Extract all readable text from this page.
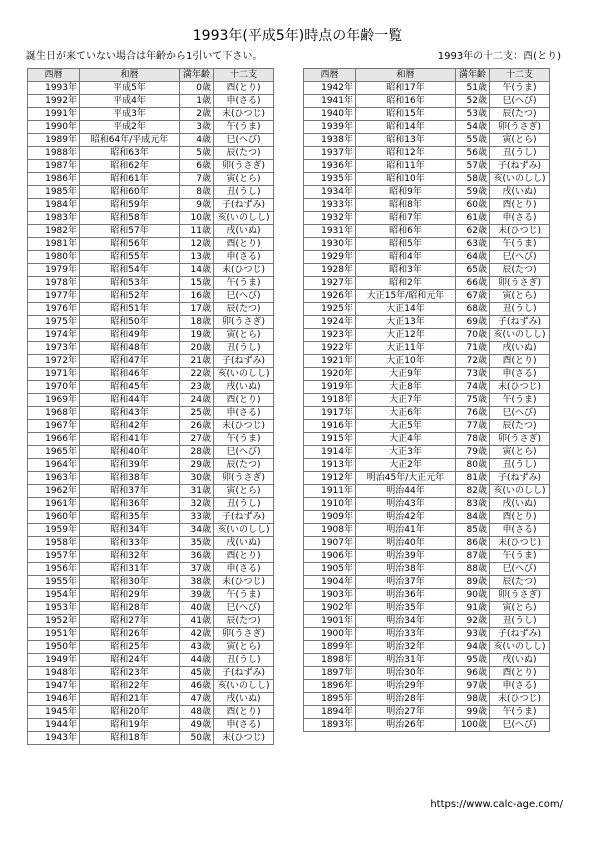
1993年(平成5年)時点の年齢一覧
誕生日が来ていない場合は年齢から1引いて下さい。	1993年の十二支：酉(とり)
西暦	和暦	満年齢	十二支
1993年	平成5年	0歳	酉(とり)
1992年	平成4年	1歳	申(さる)
1991年	平成3年	2歳	未(ひつじ)
1990年	平成2年	3歳	午(うま)
1989年	昭和64年/平成元年	4歳	巳(へび)
1988年	昭和63年	5歳	辰(たつ)
1987年	昭和62年	6歳	卯(うさぎ)
1986年	昭和61年	7歳	寅(とら)
1985年	昭和60年	8歳	丑(うし)
1984年	昭和59年	9歳	子(ねずみ)
1983年	昭和58年	10歳	亥(いのしし)
1982年	昭和57年	11歳	戌(いぬ)
1981年	昭和56年	12歳	酉(とり)
1980年	昭和55年	13歳	申(さる)
1979年	昭和54年	14歳	未(ひつじ)
1978年	昭和53年	15歳	午(うま)
1977年	昭和52年	16歳	巳(へび)
1976年	昭和51年	17歳	辰(たつ)
1975年	昭和50年	18歳	卯(うさぎ)
1974年	昭和49年	19歳	寅(とら)
1973年	昭和48年	20歳	丑(うし)
1972年	昭和47年	21歳	子(ねずみ)
1971年	昭和46年	22歳	亥(いのしし)
1970年	昭和45年	23歳	戌(いぬ)
1969年	昭和44年	24歳	酉(とり)
1968年	昭和43年	25歳	申(さる)
1967年	昭和42年	26歳	未(ひつじ)
1966年	昭和41年	27歳	午(うま)
1965年	昭和40年	28歳	巳(へび)
1964年	昭和39年	29歳	辰(たつ)
1963年	昭和38年	30歳	卯(うさぎ)
1962年	昭和37年	31歳	寅(とら)
1961年	昭和36年	32歳	丑(うし)
1960年	昭和35年	33歳	子(ねずみ)
1959年	昭和34年	34歳	亥(いのしし)
1958年	昭和33年	35歳	戌(いぬ)
1957年	昭和32年	36歳	酉(とり)
1956年	昭和31年	37歳	申(さる)
1955年	昭和30年	38歳	未(ひつじ)
1954年	昭和29年	39歳	午(うま)
1953年	昭和28年	40歳	巳(へび)
1952年	昭和27年	41歳	辰(たつ)
1951年	昭和26年	42歳	卯(うさぎ)
1950年	昭和25年	43歳	寅(とら)
1949年	昭和24年	44歳	丑(うし)
1948年	昭和23年	45歳	子(ねずみ)
1947年	昭和22年	46歳	亥(いのしし)
1946年	昭和21年	47歳	戌(いぬ)
1945年	昭和20年	48歳	酉(とり)
1944年	昭和19年	49歳	申(さる)
1943年	昭和18年	50歳	未(ひつじ)
西暦	和暦	満年齢	十二支
1942年	昭和17年	51歳	午(うま)
1941年	昭和16年	52歳	巳(へび)
1940年	昭和15年	53歳	辰(たつ)
1939年	昭和14年	54歳	卯(うさぎ)
1938年	昭和13年	55歳	寅(とら)
1937年	昭和12年	56歳	丑(うし)
1936年	昭和11年	57歳	子(ねずみ)
1935年	昭和10年	58歳	亥(いのしし)
1934年	昭和9年	59歳	戌(いぬ)
1933年	昭和8年	60歳	酉(とり)
1932年	昭和7年	61歳	申(さる)
1931年	昭和6年	62歳	未(ひつじ)
1930年	昭和5年	63歳	午(うま)
1929年	昭和4年	64歳	巳(へび)
1928年	昭和3年	65歳	辰(たつ)
1927年	昭和2年	66歳	卯(うさぎ)
1926年	大正15年/昭和元年	67歳	寅(とら)
1925年	大正14年	68歳	丑(うし)
1924年	大正13年	69歳	子(ねずみ)
1923年	大正12年	70歳	亥(いのしし)
1922年	大正11年	71歳	戌(いぬ)
1921年	大正10年	72歳	酉(とり)
1920年	大正9年	73歳	申(さる)
1919年	大正8年	74歳	未(ひつじ)
1918年	大正7年	75歳	午(うま)
1917年	大正6年	76歳	巳(へび)
1916年	大正5年	77歳	辰(たつ)
1915年	大正4年	78歳	卯(うさぎ)
1914年	大正3年	79歳	寅(とら)
1913年	大正2年	80歳	丑(うし)
1912年	明治45年/大正元年	81歳	子(ねずみ)
1911年	明治44年	82歳	亥(いのしし)
1910年	明治43年	83歳	戌(いぬ)
1909年	明治42年	84歳	酉(とり)
1908年	明治41年	85歳	申(さる)
1907年	明治40年	86歳	未(ひつじ)
1906年	明治39年	87歳	午(うま)
1905年	明治38年	88歳	巳(へび)
1904年	明治37年	89歳	辰(たつ)
1903年	明治36年	90歳	卯(うさぎ)
1902年	明治35年	91歳	寅(とら)
1901年	明治34年	92歳	丑(うし)
1900年	明治33年	93歳	子(ねずみ)
1899年	明治32年	94歳	亥(いのしし)
1898年	明治31年	95歳	戌(いぬ)
1897年	明治30年	96歳	酉(とり)
1896年	明治29年	97歳	申(さる)
1895年	明治28年	98歳	未(ひつじ)
1894年	明治27年	99歳	午(うま)
1893年	明治26年	100歳	巳(へび)
https://www.calc-age.com/
